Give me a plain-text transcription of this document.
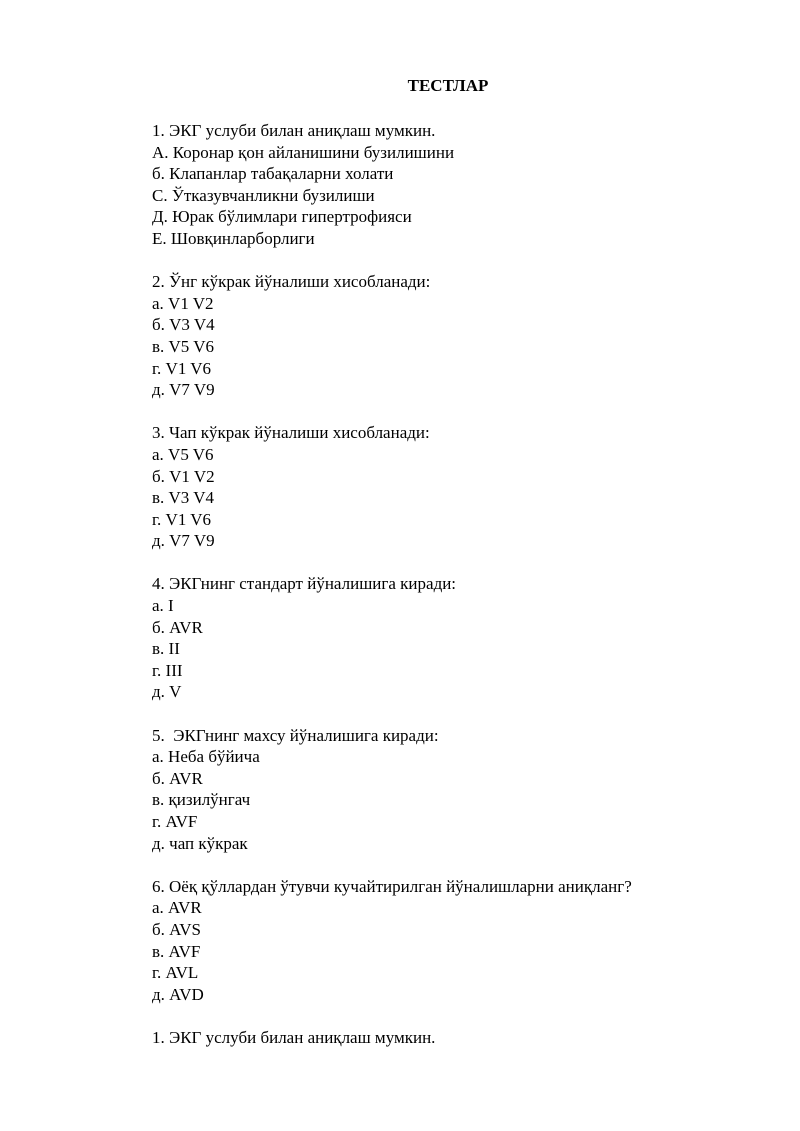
ТЕСТЛАР
1. ЭКГ услуби билан аниқлаш мумкин.
А. Коронар қон айланишини бузилишини
б. Клапанлар табақаларни холати
С. Ўтказувчанликни бузилиши
Д. Юрак бўлимлари гипертрофияси
Е. Шовқинларборлиги
2. Ўнг кўкрак йўналиши хисобланади:
а. V1 V2
б. V3 V4
в. V5 V6
г. V1 V6
д. V7 V9
3. Чап кўкрак йўналиши хисобланади:
а. V5 V6
б. V1 V2
в. V3 V4
г. V1 V6
д. V7 V9
4. ЭКГнинг стандарт йўналишига киради:
а. I
б. AVR
в. II
г. III
д. V
5.  ЭКГнинг махсу йўналишига киради:
а. Неба бўйича
б. AVR
в. қизилўнгач
г. AVF
д. чап кўкрак
6. Оёқ қўллардан ўтувчи кучайтирилган йўналишларни аниқланг?
а. AVR
б. AVS
в. AVF
г. AVL
д. AVD
1. ЭКГ услуби билан аниқлаш мумкин.
